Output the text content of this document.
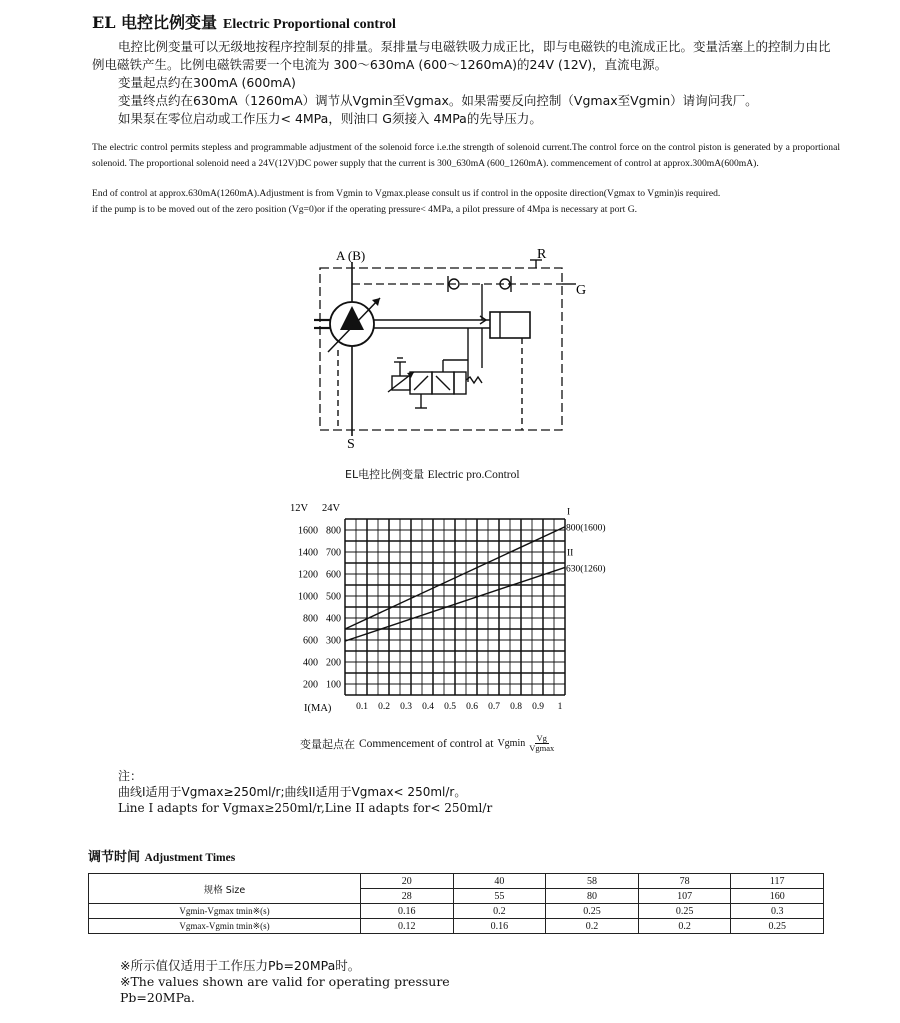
EL 电控比例变量 Electric Proportional control
电控比例变量可以无级地按程序控制泵的排量。泵排量与电磁铁吸力成正比，即与电磁铁的电流成正比。变量活塞上的控制力由比例电磁铁产生。比例电磁铁需要一个电流为 300～630mA (600～1260mA)的24V (12V)，直流电源。
变量起点约在300mA (600mA)
变量终点约在630mA（1260mA）调节从Vgmin至Vgmax。如果需要反向控制（Vgmax至Vgmin）请询问我厂。
如果泵在零位启动或工作压力< 4MPa，则油口 G须接入 4MPa的先导压力。
The electric control permits stepless and programmable adjustment of the solenoid force i.e.the strength of solenoid current.The control force on the control piston is generated by a proportional solenoid. The proportional solenoid need a 24V(12V)DC power supply that the current is 300_630mA (600_1260mA). commencement of control at approx.300mA(600mA).
End of control at approx.630mA(1260mA).Adjustment is from Vgmin to Vgmax.please consult us if control in the opposite direction(Vgmax to Vgmin)is required.
if the pump is to be moved out of the zero position (Vg=0)or if the operating pressure< 4MPa, a pilot pressure of 4Mpa is necessary at port G.
A (B)	R
G
S
EL电控比例变量 Electric pro.Control
200 100
400 200
600 300
800 400
1000 500
1200 600
1400 700
1600 800
0.1 0.2 0.3 0.4 0.5 0.6 0.7 0.8 0.9 1
I
800(1600)
II
630(1260)
12V 24V
I(MA)
变量起点在 Commencement of control at Vgmin Vg
Vgmax
注：
曲线I适用于Vgmax≥250ml/r;曲线II适用于Vgmax< 250ml/r。
Line I adapts for Vgmax≥250ml/r,Line II adapts for< 250ml/r
调节时间 Adjustment Times
规格 Size	20	40	58	78	117
	28	55	80	107	160
Vgmin-Vgmax tmin※(s)	0.16	0.2	0.25	0.25	0.3
Vgmax-Vgmin tmin※(s)	0.12	0.16	0.2	0.2	0.25
※所示值仅适用于工作压力Pb=20MPa时。
※The values shown are valid for operating pressure
Pb=20MPa.
